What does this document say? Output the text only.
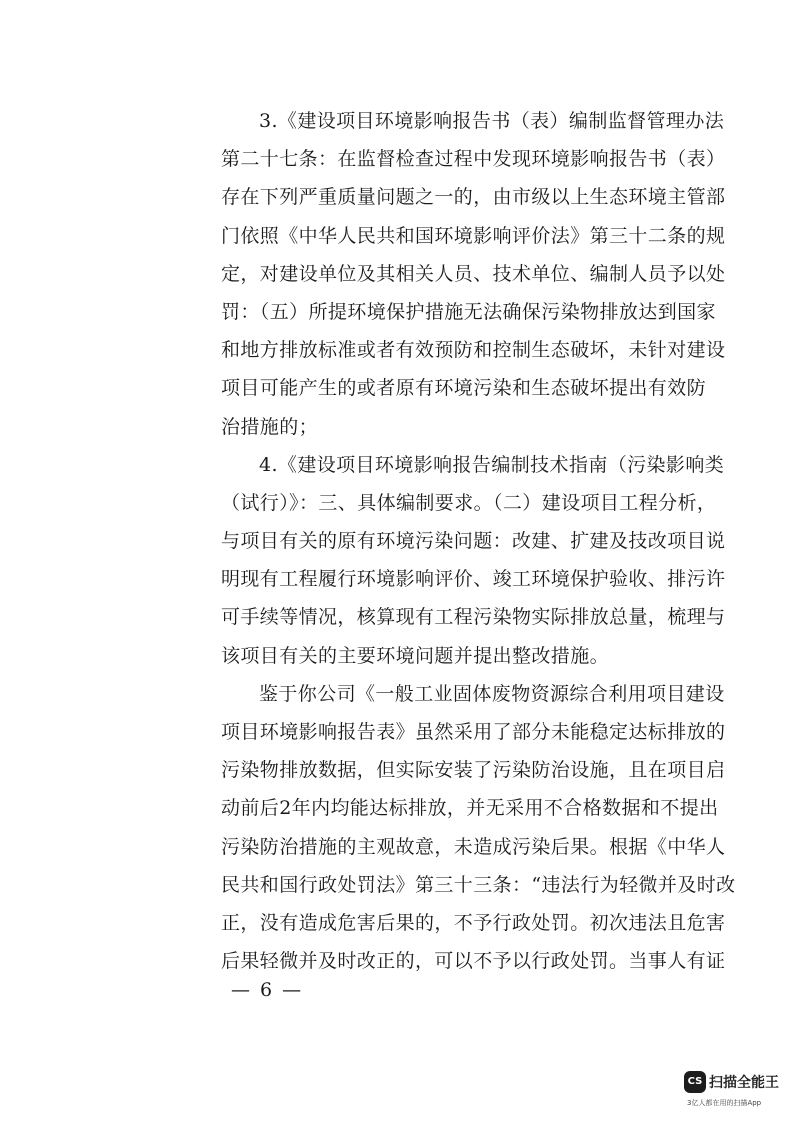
3.《建设项目环境影响报告书（表）编制监督管理办法
第二十七条：在监督检查过程中发现环境影响报告书（表）
存在下列严重质量问题之一的，由市级以上生态环境主管部
门依照《中华人民共和国环境影响评价法》第三十二条的规
定，对建设单位及其相关人员、技术单位、编制人员予以处
罚：（五）所提环境保护措施无法确保污染物排放达到国家
和地方排放标准或者有效预防和控制生态破坏，未针对建设
项目可能产生的或者原有环境污染和生态破坏提出有效防
治措施的；
4.《建设项目环境影响报告编制技术指南（污染影响类
（试行）》：三、具体编制要求。（二）建设项目工程分析，
与项目有关的原有环境污染问题：改建、扩建及技改项目说
明现有工程履行环境影响评价、竣工环境保护验收、排污许
可手续等情况，核算现有工程污染物实际排放总量，梳理与
该项目有关的主要环境问题并提出整改措施。
鉴于你公司《一般工业固体废物资源综合利用项目建设
项目环境影响报告表》虽然采用了部分未能稳定达标排放的
污染物排放数据，但实际安装了污染防治设施，且在项目启
动前后2年内均能达标排放，并无采用不合格数据和不提出
污染防治措施的主观故意，未造成污染后果。根据《中华人
民共和国行政处罚法》第三十三条：“违法行为轻微并及时改
正，没有造成危害后果的，不予行政处罚。初次违法且危害
后果轻微并及时改正的，可以不予以行政处罚。当事人有证
— 6 —
CS 扫描全能王
3亿人都在用的扫描App
